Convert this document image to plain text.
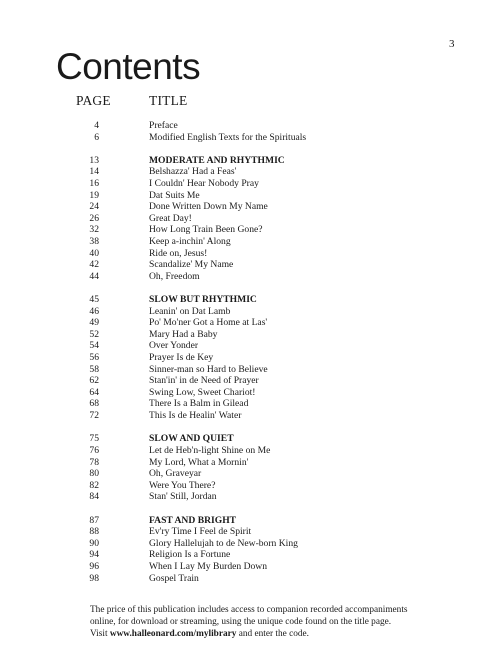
3
Contents
PAGE	TITLE
4	Preface
6	Modified English Texts for the Spirituals
13	MODERATE AND RHYTHMIC
14	Belshazza' Had a Feas'
16	I Couldn' Hear Nobody Pray
19	Dat Suits Me
24	Done Written Down My Name
26	Great Day!
32	How Long Train Been Gone?
38	Keep a-inchin' Along
40	Ride on, Jesus!
42	Scandalize' My Name
44	Oh, Freedom
45	SLOW BUT RHYTHMIC
46	Leanin' on Dat Lamb
49	Po' Mo'ner Got a Home at Las'
52	Mary Had a Baby
54	Over Yonder
56	Prayer Is de Key
58	Sinner-man so Hard to Believe
62	Stan'in' in de Need of Prayer
64	Swing Low, Sweet Chariot!
68	There Is a Balm in Gilead
72	This Is de Healin' Water
75	SLOW AND QUIET
76	Let de Heb'n-light Shine on Me
78	My Lord, What a Mornin'
80	Oh, Graveyar
82	Were You There?
84	Stan' Still, Jordan
87	FAST AND BRIGHT
88	Ev'ry Time I Feel de Spirit
90	Glory Hallelujah to de New-born King
94	Religion Is a Fortune
96	When I Lay My Burden Down
98	Gospel Train

The price of this publication includes access to companion recorded accompaniments

online, for download or streaming, using the unique code found on the title page.

Visit www.halleonard.com/mylibrary and enter the code.
